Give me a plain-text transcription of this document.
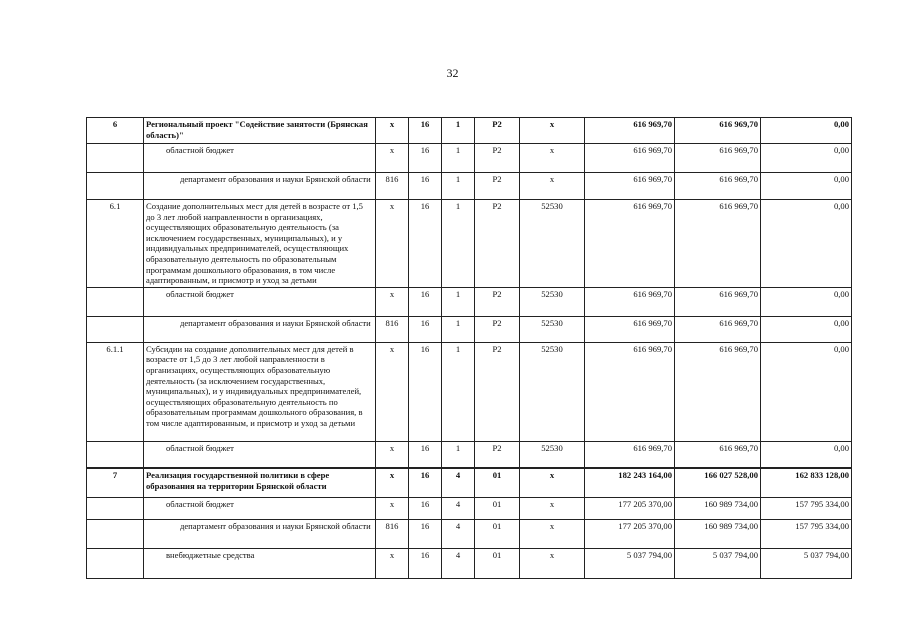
32
6	Региональный проект "Содействие занятости (Брянская область)"	x	16	1	P2	x	616 969,70	616 969,70	0,00
	областной бюджет	x	16	1	P2	x	616 969,70	616 969,70	0,00
	департамент образования и науки Брянской области	816	16	1	P2	x	616 969,70	616 969,70	0,00
6.1	Создание дополнительных мест для детей в возрасте от 1,5 до 3 лет любой направленности в организациях, осуществляющих образовательную деятельность (за исключением государственных, муниципальных), и у индивидуальных предпринимателей, осуществляющих образовательную деятельность по образовательным программам дошкольного образования, в том числе адаптированным, и присмотр и уход за детьми	x	16	1	P2	52530	616 969,70	616 969,70	0,00
	областной бюджет	x	16	1	P2	52530	616 969,70	616 969,70	0,00
	департамент образования и науки Брянской области	816	16	1	P2	52530	616 969,70	616 969,70	0,00
6.1.1	Субсидии на создание дополнительных мест для детей в возрасте от 1,5 до 3 лет любой направленности в организациях, осуществляющих образовательную деятельность (за исключением государственных, муниципальных), и у индивидуальных предпринимателей, осуществляющих образовательную деятельность по образовательным программам дошкольного образования, в том числе адаптированным, и присмотр и уход за детьми	x	16	1	P2	52530	616 969,70	616 969,70	0,00
	областной бюджет	x	16	1	P2	52530	616 969,70	616 969,70	0,00
7	Реализация государственной политики в сфере образования на территории Брянской области	x	16	4	01	x	182 243 164,00	166 027 528,00	162 833 128,00
	областной бюджет	x	16	4	01	x	177 205 370,00	160 989 734,00	157 795 334,00
	департамент образования и науки Брянской области	816	16	4	01	x	177 205 370,00	160 989 734,00	157 795 334,00
	внебюджетные средства	x	16	4	01	x	5 037 794,00	5 037 794,00	5 037 794,00
